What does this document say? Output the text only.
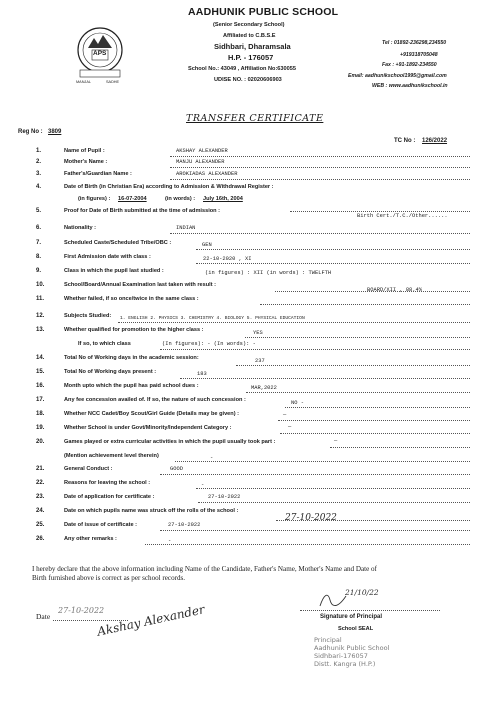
APS
MANJAL	SADHE
AADHUNIK PUBLIC SCHOOL
(Senior Secondary School)
Affiliated to C.B.S.E
Sidhbari, Dharamsala
H.P. - 176057
School No.: 43049 , Affiliation No:630055
UDISE NO. : 02020606903
Tel : 01892-236298,234550
+919318705048
Fax : +91-1892-234550
Email: aadhunikschool1995@gmail.com
WEB : www.aadhunikschool.in
TRANSFER CERTIFICATE
Reg No : 3809
TC No : 126/2022
1.	Name of Pupil :	AKSHAY ALEXANDER
2.	Mother's Name :	MANJU ALEXANDER
3.	Father's/Guardian Name :	AROKIADAS ALEXANDER
4.	Date of Birth (in Christian Era) according to Admission & Withdrawal Register :
(in figures) : 16-07-2004	(in words) : July 16th, 2004
5.	Proof for Date of Birth submitted at the time of admission :
Birth Cert./T.C./Other......
6.	Nationality :	INDIAN
7.	Scheduled Caste/Scheduled Tribe/OBC :	GEN
8.	First Admission date with class :	22-10-2020 , XI
9.	Class in which the pupil last studied :	(in figures) : XII (in words) : TWELFTH
10.	School/Board/Annual Examination last taken with result :
BOARD/XII , 88.4%
11.	Whether failed, if so once/twice in the same class :
12.	Subjects Studied: 1. ENGLISH 2. PHYSICS 3. CHEMISTRY 4. BIOLOGY 5. PHYSICAL EDUCATION
13.	Whether qualified for promotion to the higher class :	YES
If so, to which class	(In figures): - (In words): -
14.	Total No of Working days in the academic session:	237
15.	Total No of Working days present :	183
16.	Month upto which the pupil has paid school dues :	MAR,2022
17.	Any fee concession availed of. If so, the nature of such concession :	NO -
18.	Whether NCC Cadet/Boy Scout/Girl Guide (Details may be given) :	—
19.	Whether School is under Govt/Minority/Independent Category :	—
20.	Games played or extra curricular activities in which the pupil usually took part :	—
(Mention achievement level therein)	-
21.	General Conduct :	GOOD
22.	Reasons for leaving the school :	-
23.	Date of application for certificate :	27-10-2022
24.	Date on which pupils name was struck off the rolls of the school :
27-10-2022
25.	Date of issue of certificate :	27-10-2022
26.	Any other remarks :	-
I hereby declare that the above information including Name of the Candidate, Father's Name, Mother's Name and Date of
Birth furnished above is correct as per school records.
Date
27-10-2022
Akshay Alexander
21/10/22
Signature of Principal
School SEAL
Principal
Aadhunik Public School
Sidhbari-176057
Distt. Kangra (H.P.)
